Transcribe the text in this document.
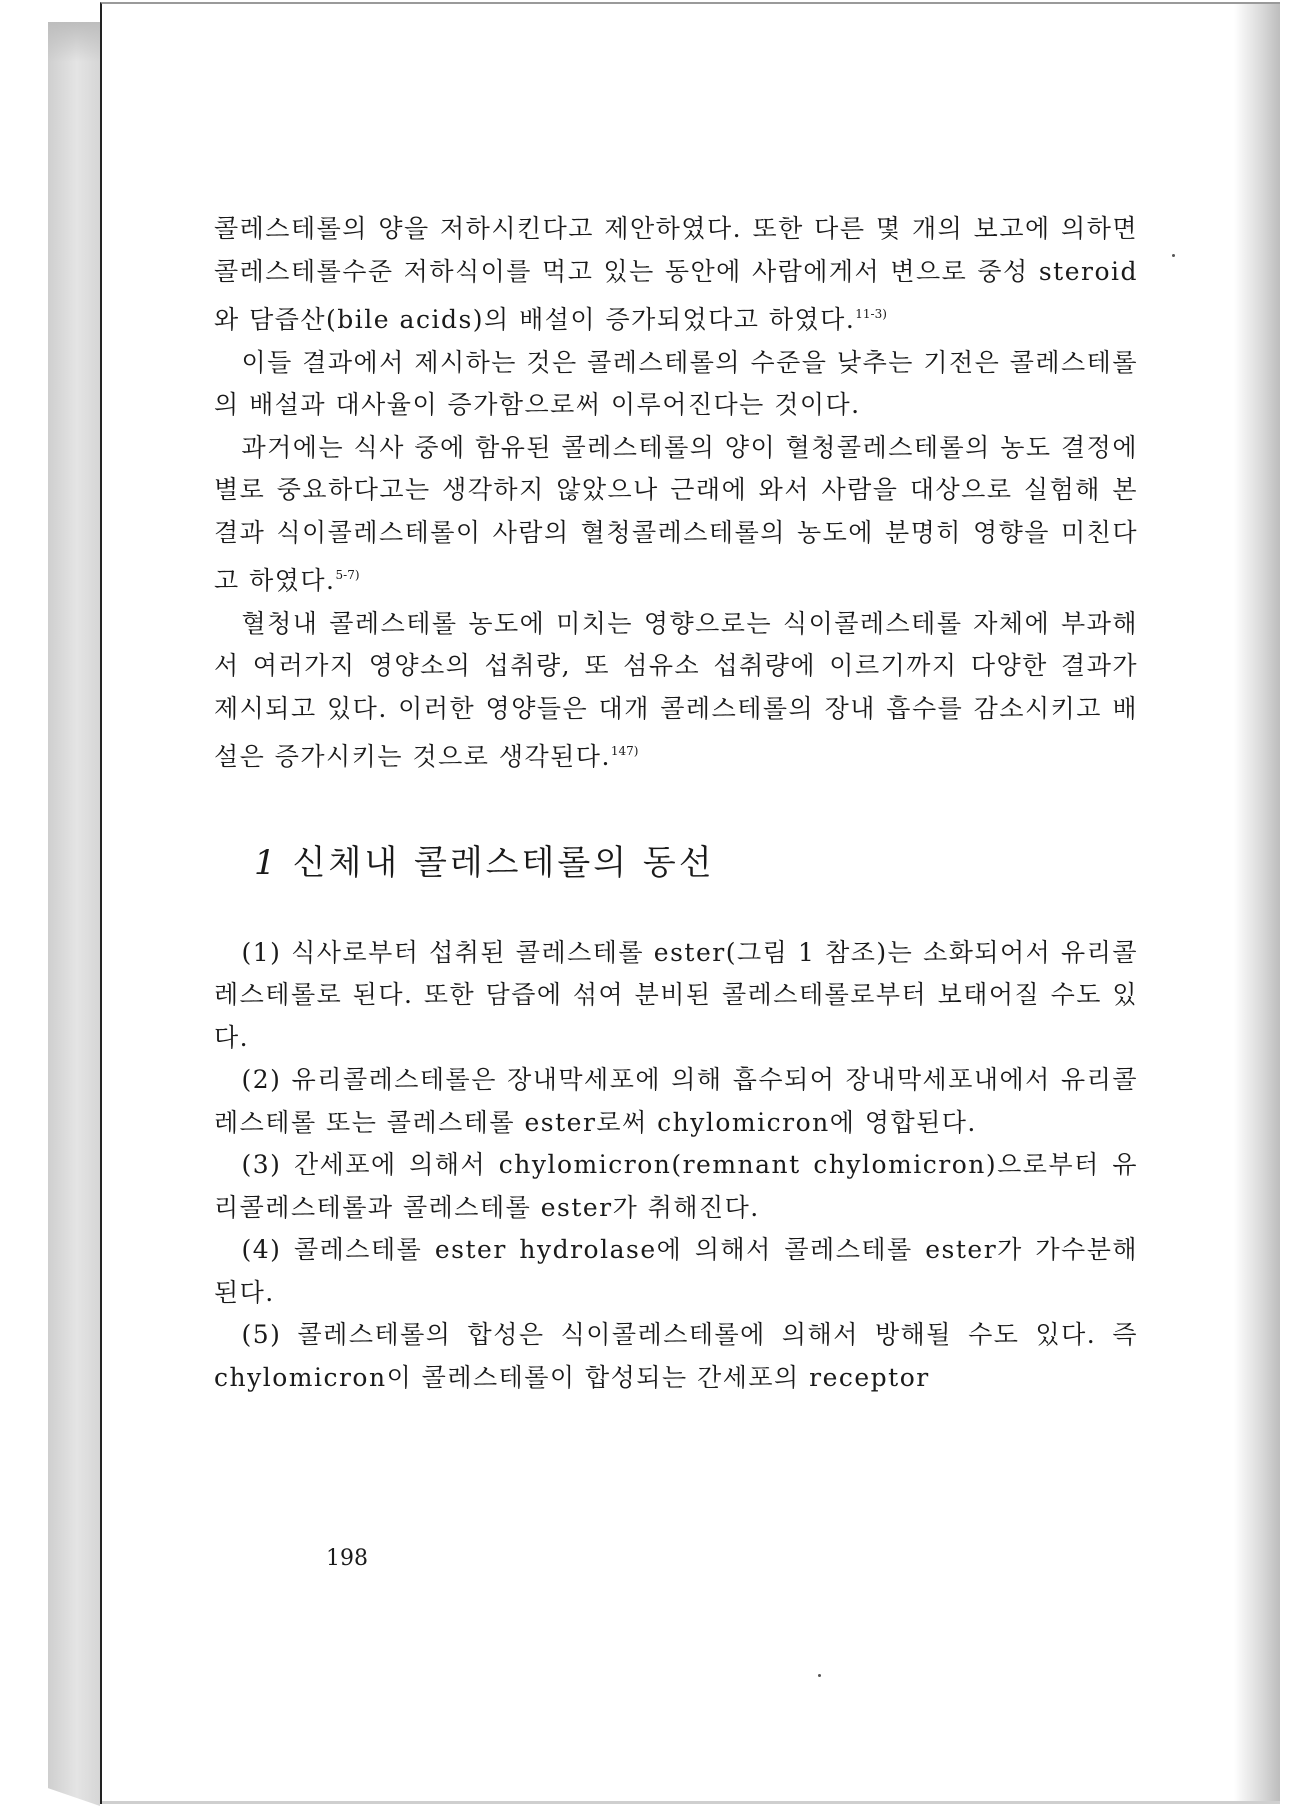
콜레스테롤의 양을 저하시킨다고 제안하였다. 또한 다른 몇 개의 보고에 의하면 콜레스테롤수준 저하식이를 먹고 있는 동안에 사람에게서 변으로 중성 steroid와 담즙산(bile acids)의 배설이 증가되었다고 하였다.$^{11-3)}$

이들 결과에서 제시하는 것은 콜레스테롤의 수준을 낮추는 기전은 콜레스테롤의 배설과 대사율이 증가함으로써 이루어진다는 것이다.

과거에는 식사 중에 함유된 콜레스테롤의 양이 혈청콜레스테롤의 농도 결정에 별로 중요하다고는 생각하지 않았으나 근래에 와서 사람을 대상으로 실험해 본 결과 식이콜레스테롤이 사람의 혈청콜레스테롤의 농도에 분명히 영향을 미친다고 하였다.$^{5-7)}$

혈청내 콜레스테롤 농도에 미치는 영향으로는 식이콜레스테롤 자체에 부과해서 여러가지 영양소의 섭취량, 또 섬유소 섭취량에 이르기까지 다양한 결과가 제시되고 있다. 이러한 영양들은 대개 콜레스테롤의 장내 흡수를 감소시키고 배설은 증가시키는 것으로 생각된다.$^{147)}$

1 신체내 콜레스테롤의 동선

(1) 식사로부터 섭취된 콜레스테롤 ester(그림 1 참조)는 소화되어서 유리콜레스테롤로 된다. 또한 담즙에 섞여 분비된 콜레스테롤로부터 보태어질 수도 있다.

(2) 유리콜레스테롤은 장내막세포에 의해 흡수되어 장내막세포내에서 유리콜레스테롤 또는 콜레스테롤 ester로써 chylomicron에 영합된다.

(3) 간세포에 의해서 chylomicron(remnant chylomicron)으로부터 유리콜레스테롤과 콜레스테롤 ester가 취해진다.

(4) 콜레스테롤 ester hydrolase에 의해서 콜레스테롤 ester가 가수분해된다.

(5) 콜레스테롤의 합성은 식이콜레스테롤에 의해서 방해될 수도 있다. 즉 chylomicron이 콜레스테롤이 합성되는 간세포의 receptor

198
